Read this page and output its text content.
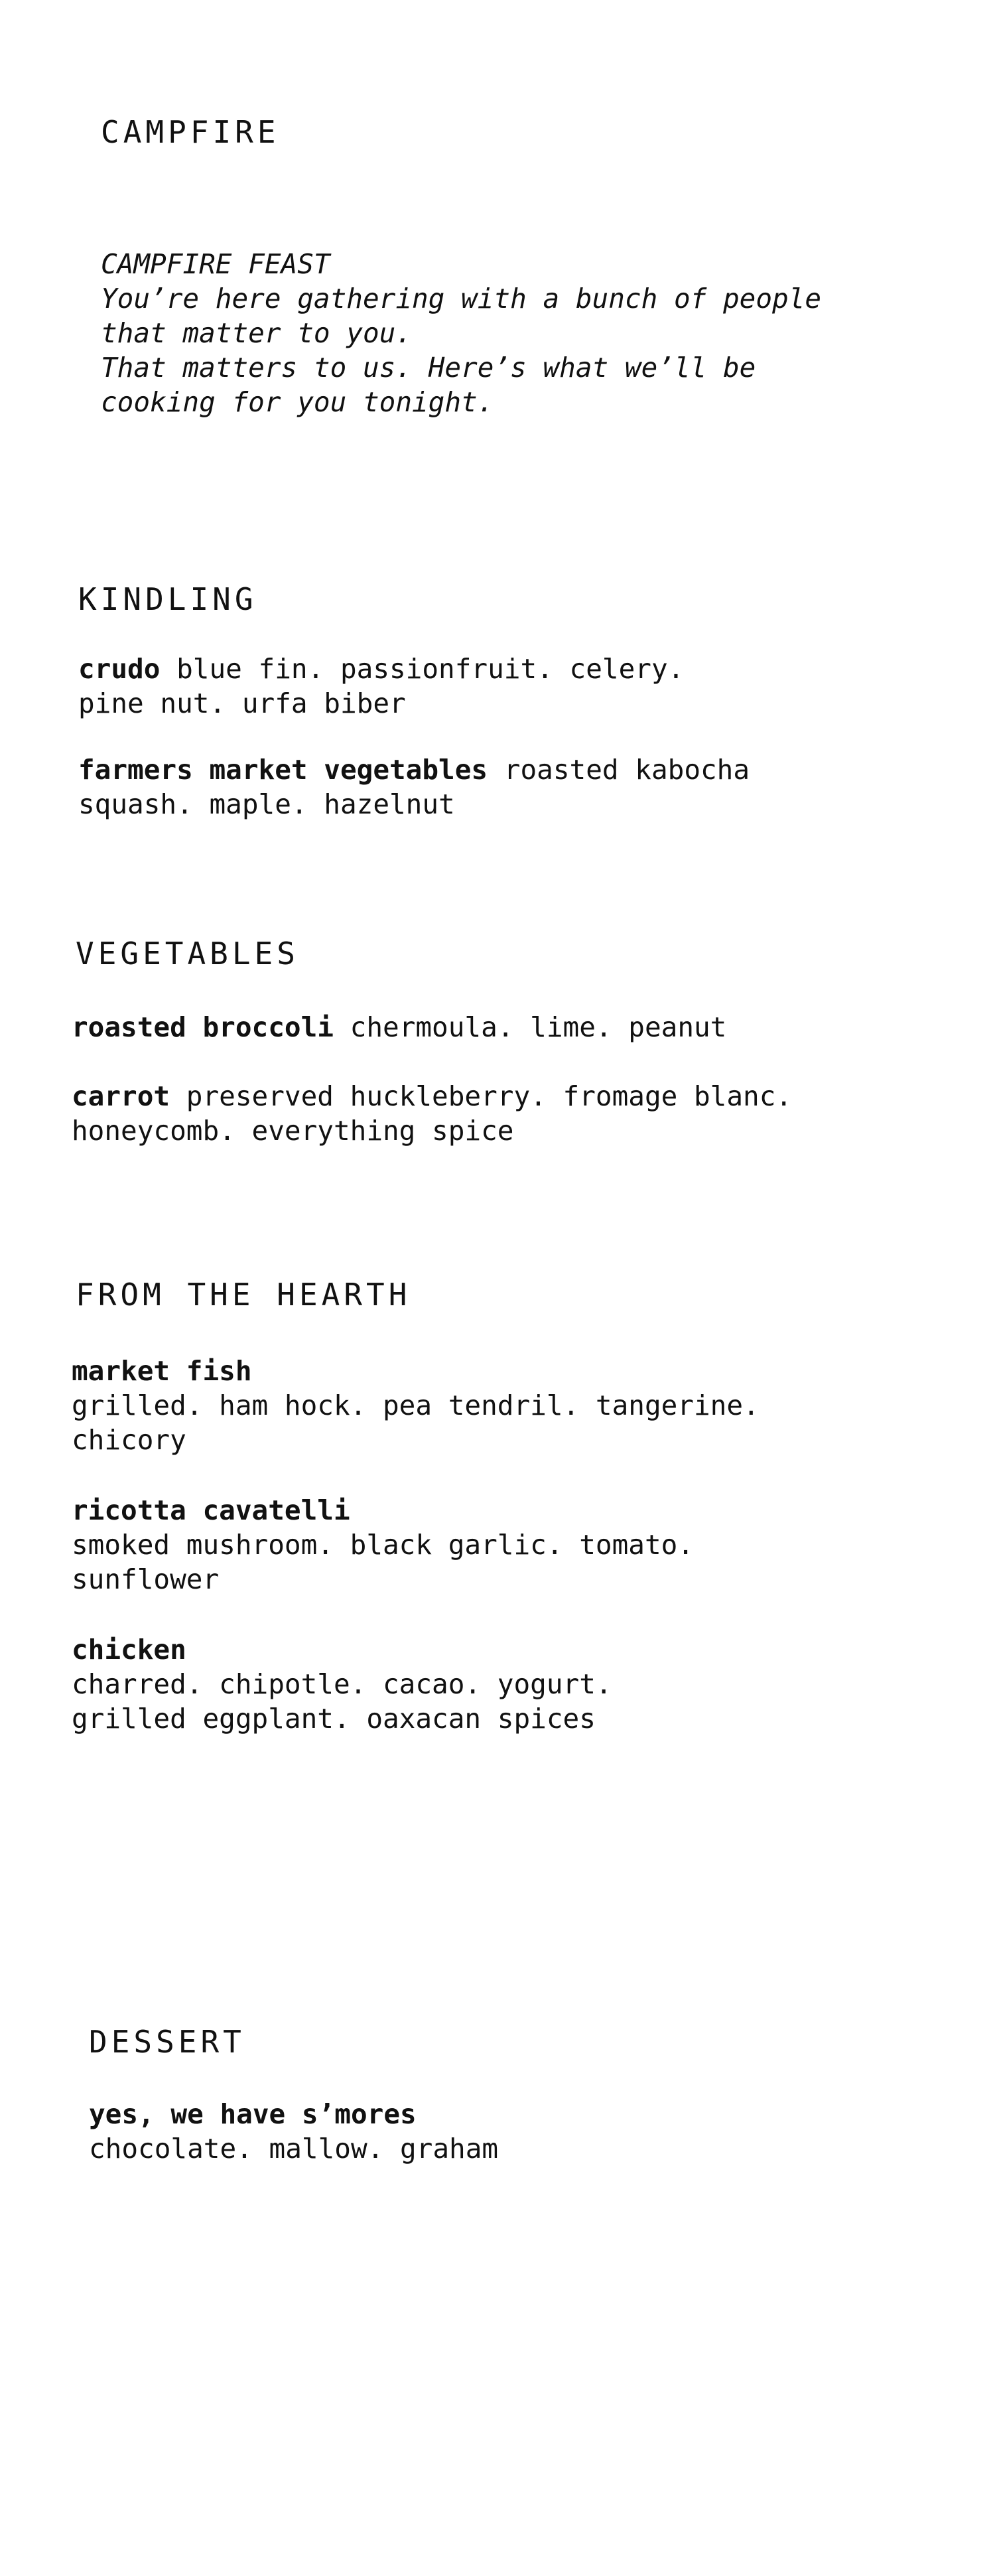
CAMPFIRE
CAMPFIRE FEAST
You’re here gathering with a bunch of people
that matter to you.
That matters to us. Here’s what we’ll be
cooking for you tonight.
KINDLING
crudo blue fin. passionfruit. celery.
pine nut. urfa biber
farmers market vegetables roasted kabocha
squash. maple. hazelnut
VEGETABLES
roasted broccoli chermoula. lime. peanut
carrot preserved huckleberry. fromage blanc.
honeycomb. everything spice
FROM THE HEARTH
market fish
grilled. ham hock. pea tendril. tangerine.
chicory
ricotta cavatelli
smoked mushroom. black garlic. tomato.
sunflower
chicken
charred. chipotle. cacao. yogurt.
grilled eggplant. oaxacan spices
DESSERT
yes, we have s’mores
chocolate. mallow. graham
